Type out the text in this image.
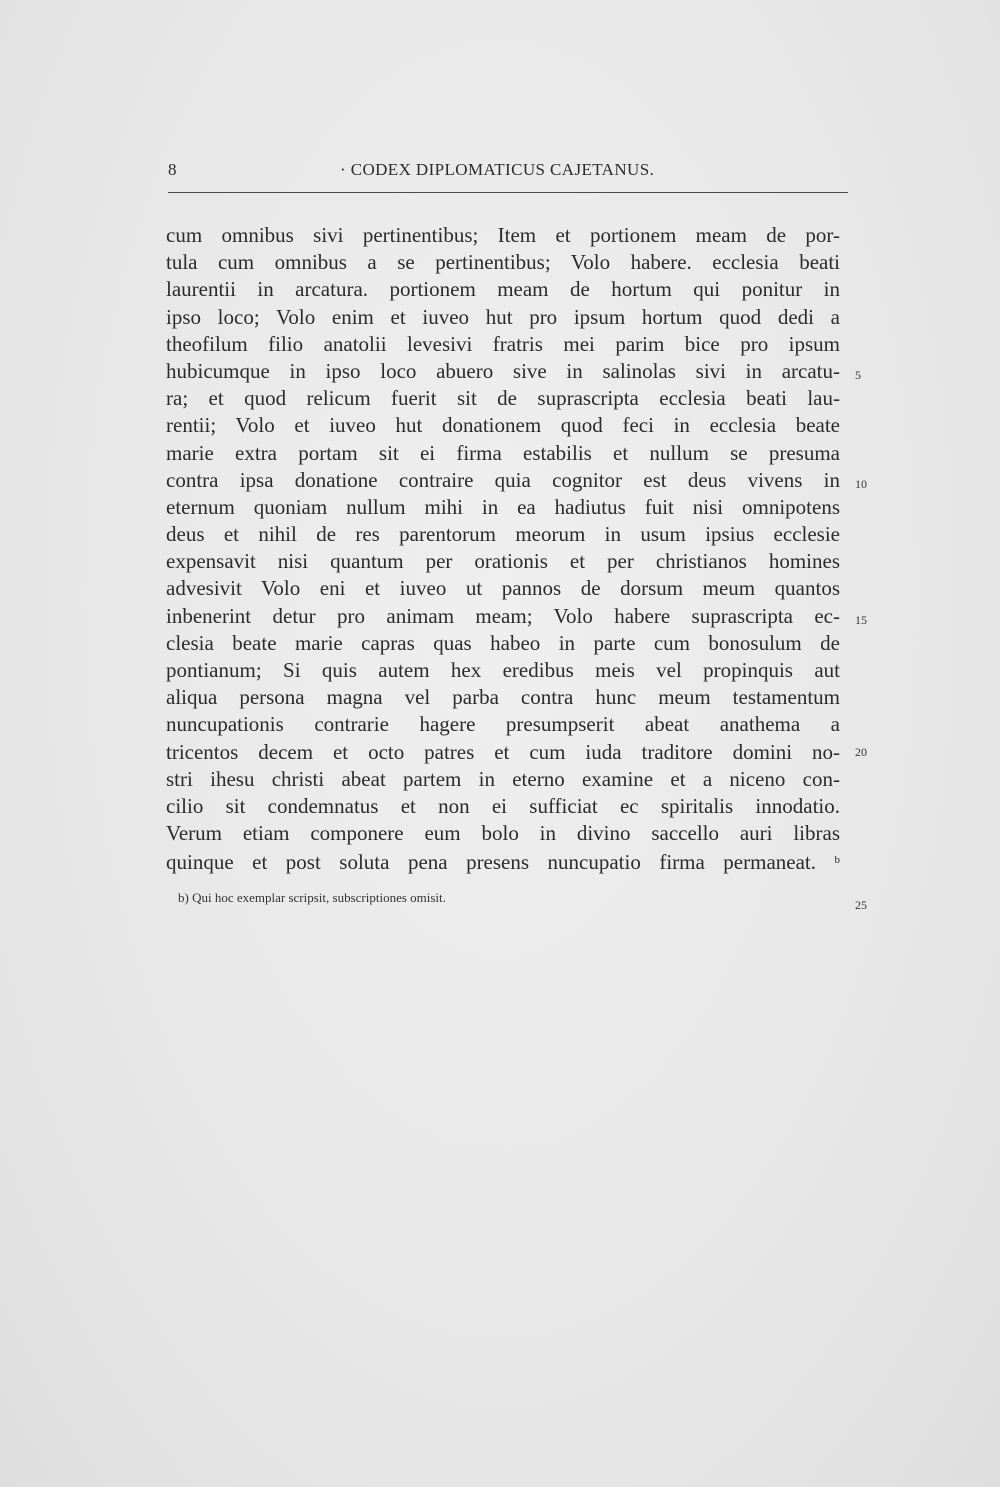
8	· CODEX DIPLOMATICUS CAJETANUS.
cum omnibus sivi pertinentibus; Item et portionem meam de por-
tula cum omnibus a se pertinentibus; Volo habere. ecclesia beati
laurentii in arcatura. portionem meam de hortum qui ponitur in
ipso loco; Volo enim et iuveo hut pro ipsum hortum quod dedi a
theofilum filio anatolii levesivi fratris mei parim bice pro ipsum
hubicumque in ipso loco abuero sive in salinolas sivi in arcatu-
ra; et quod relicum fuerit sit de suprascripta ecclesia beati lau-
rentii; Volo et iuveo hut donationem quod feci in ecclesia beate
marie extra portam sit ei firma estabilis et nullum se presuma
contra ipsa donatione contraire quia cognitor est deus vivens in
eternum quoniam nullum mihi in ea hadiutus fuit nisi omnipotens
deus et nihil de res parentorum meorum in usum ipsius ecclesie
expensavit nisi quantum per orationis et per christianos homines
advesivit Volo eni et iuveo ut pannos de dorsum meum quantos
inbenerint detur pro animam meam; Volo habere suprascripta ec-
clesia beate marie capras quas habeo in parte cum bonosulum de
pontianum; Si quis autem hex eredibus meis vel propinquis aut
aliqua persona magna vel parba contra hunc meum testamentum
nuncupationis contrarie hagere presumpserit abeat anathema a
tricentos decem et octo patres et cum iuda traditore domini no-
stri ihesu christi abeat partem in eterno examine et a niceno con-
cilio sit condemnatus et non ei sufficiat ec spiritalis innodatio.
Verum etiam componere eum bolo in divino saccello auri libras
quinque et post soluta pena presens nuncupatio firma permaneat. $^b$
5
10
15
20
25
b) Qui hoc exemplar scripsit, subscriptiones omisit.
